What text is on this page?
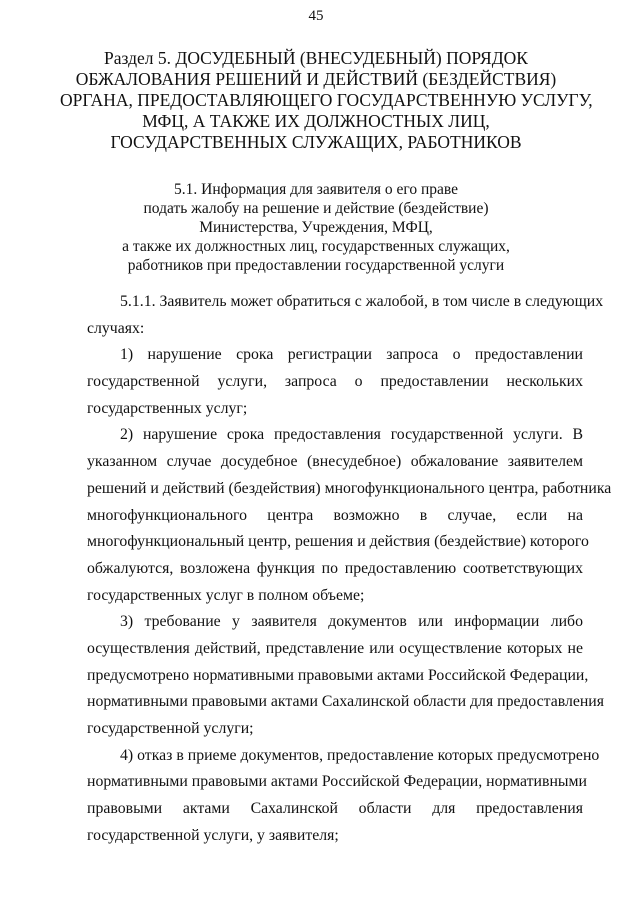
45
Раздел 5. ДОСУДЕБНЫЙ (ВНЕСУДЕБНЫЙ) ПОРЯДОК
ОБЖАЛОВАНИЯ РЕШЕНИЙ И ДЕЙСТВИЙ (БЕЗДЕЙСТВИЯ)
ОРГАНА, ПРЕДОСТАВЛЯЮЩЕГО ГОСУДАРСТВЕННУЮ УСЛУГУ,
МФЦ, А ТАКЖЕ ИХ ДОЛЖНОСТНЫХ ЛИЦ,
ГОСУДАРСТВЕННЫХ СЛУЖАЩИХ, РАБОТНИКОВ
5.1. Информация для заявителя о его праве
подать жалобу на решение и действие (бездействие)
Министерства, Учреждения, МФЦ,
а также их должностных лиц, государственных служащих,
работников при предоставлении государственной услуги
5.1.1. Заявитель может обратиться с жалобой, в том числе в следующих
случаях:
1) нарушение срока регистрации запроса о предоставлении
государственной услуги, запроса о предоставлении нескольких
государственных услуг;
2) нарушение срока предоставления государственной услуги. В
указанном случае досудебное (внесудебное) обжалование заявителем
решений и действий (бездействия) многофункционального центра, работника
многофункционального центра возможно в случае, если на
многофункциональный центр, решения и действия (бездействие) которого
обжалуются, возложена функция по предоставлению соответствующих
государственных услуг в полном объеме;
3) требование у заявителя документов или информации либо
осуществления действий, представление или осуществление которых не
предусмотрено нормативными правовыми актами Российской Федерации,
нормативными правовыми актами Сахалинской области для предоставления
государственной услуги;
4) отказ в приеме документов, предоставление которых предусмотрено
нормативными правовыми актами Российской Федерации, нормативными
правовыми актами Сахалинской области для предоставления
государственной услуги, у заявителя;
